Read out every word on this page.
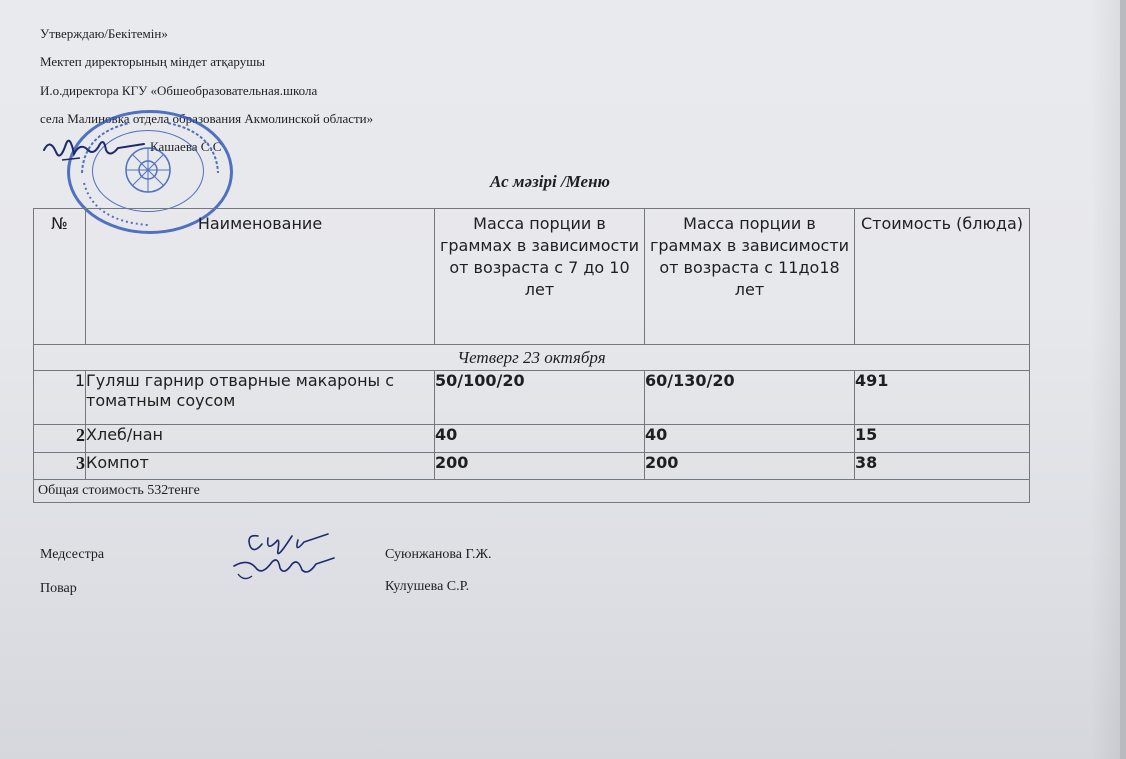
Утверждаю/Бекітемін»
Мектеп директорының міндет атқарушы
И.о.директора КГУ «Обшеобразовательная.школа
села Малиновка отдела образования Акмолинской области»
Кашаева С.С
Ас мәзірі /Меню
№	Наименование	Масса порции в граммах в зависимости от возраста с 7 до 10 лет	Масса порции в граммах в зависимости от возраста с 11до18 лет	Стоимость (блюда)
Четверг 23 октября				
1	Гуляш гарнир отварные макароны с томатным соусом	50/100/20	60/130/20	491
2	Хлеб/нан	40	40	15
3	Компот	200	200	38
Общая стоимость 532тенге				
Медсестра	Суюнжанова Г.Ж.
Повар	Кулушева С.Р.
